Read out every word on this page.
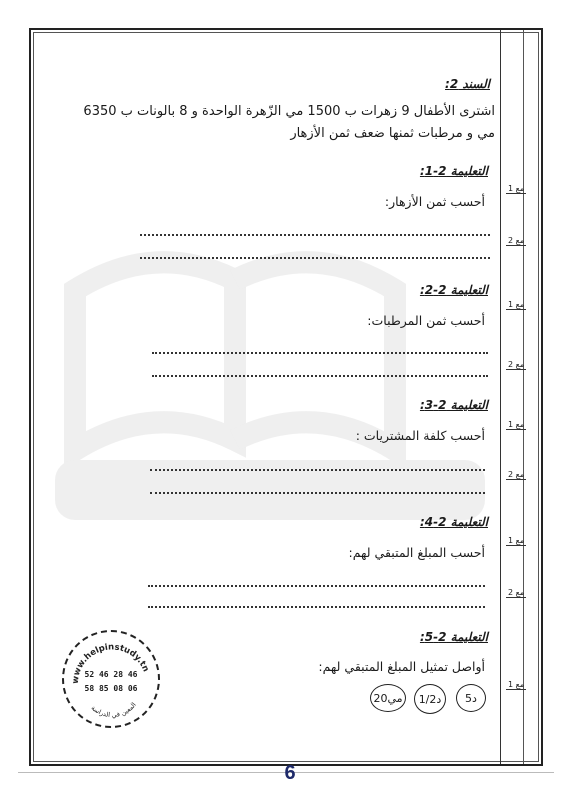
مع 1
مع 2
مع 1
مع 2
مع 1
مع 2
مع 1
مع 2
مع 1
السند 2:
اشترى الأطفال 9 زهرات ب 1500 مي الزّهرة الواحدة و 8 بالونات ب 6350
مي و مرطبات ثمنها ضعف ثمن الأزهار
التعليمة 2-1:
أحسب ثمن الأزهار:
التعليمة 2-2:
أحسب ثمن المرطبات:
التعليمة 2-3:
أحسب كلفة المشتريات :
التعليمة 2-4:
أحسب المبلغ المتبقي لهم:
التعليمة 2-5:
أواصل تمثيل المبلغ المتبقي لهم:
5د
1/2د
20مي
www.helpinstudy.tn
المعين في الدراسة
52 46 28 46
58 85 08 06
6
